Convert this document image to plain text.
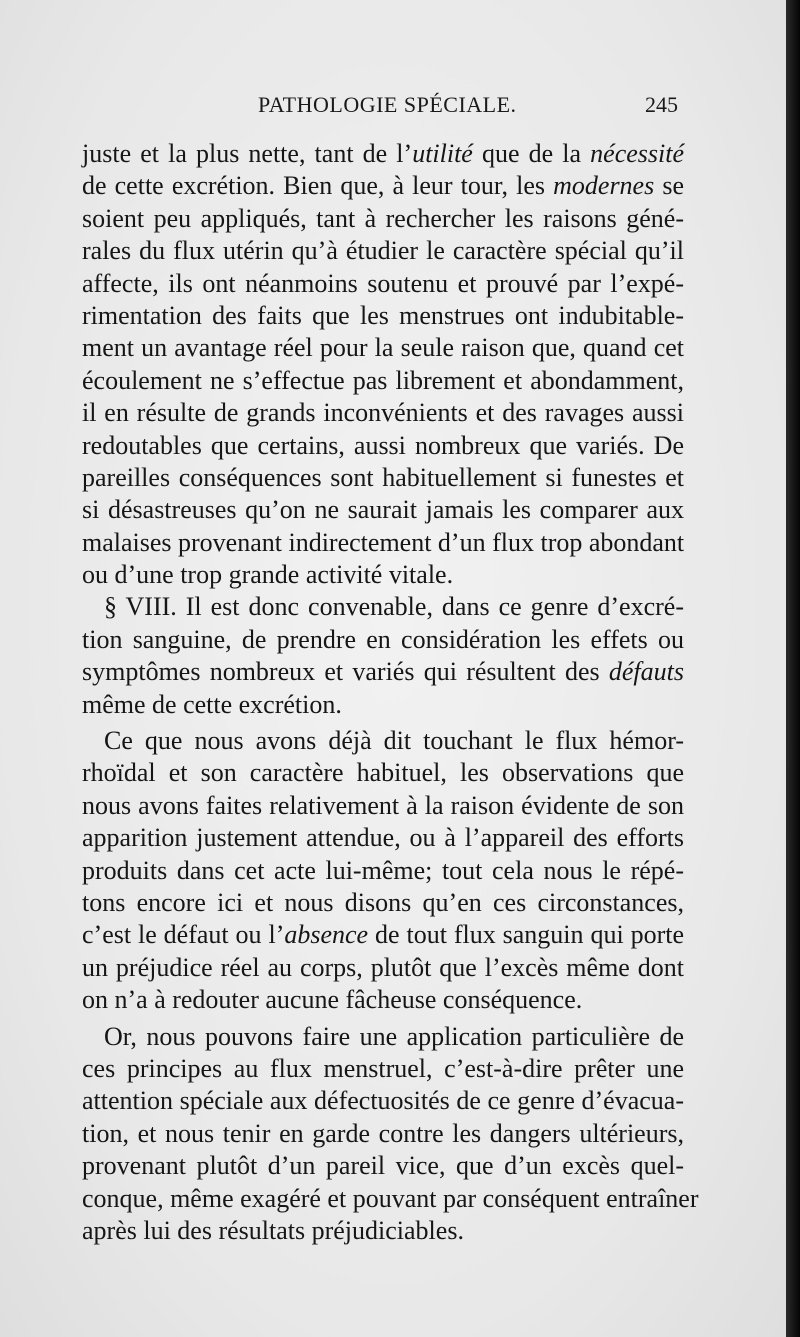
PATHOLOGIE SPÉCIALE.	245
juste et la plus nette, tant de l’utilité que de la nécessité
de cette excrétion. Bien que, à leur tour, les modernes se
soient peu appliqués, tant à rechercher les raisons géné-
rales du flux utérin qu’à étudier le caractère spécial qu’il
affecte, ils ont néanmoins soutenu et prouvé par l’expé-
rimentation des faits que les menstrues ont indubitable-
ment un avantage réel pour la seule raison que, quand cet
écoulement ne s’effectue pas librement et abondamment,
il en résulte de grands inconvénients et des ravages aussi
redoutables que certains, aussi nombreux que variés. De
pareilles conséquences sont habituellement si funestes et
si désastreuses qu’on ne saurait jamais les comparer aux
malaises provenant indirectement d’un flux trop abondant
ou d’une trop grande activité vitale.
§ VIII. Il est donc convenable, dans ce genre d’excré-
tion sanguine, de prendre en considération les effets ou
symptômes nombreux et variés qui résultent des défauts
même de cette excrétion.
Ce que nous avons déjà dit touchant le flux hémor-
rhoïdal et son caractère habituel, les observations que
nous avons faites relativement à la raison évidente de son
apparition justement attendue, ou à l’appareil des efforts
produits dans cet acte lui-même; tout cela nous le répé-
tons encore ici et nous disons qu’en ces circonstances,
c’est le défaut ou l’absence de tout flux sanguin qui porte
un préjudice réel au corps, plutôt que l’excès même dont
on n’a à redouter aucune fâcheuse conséquence.
Or, nous pouvons faire une application particulière de
ces principes au flux menstruel, c’est-à-dire prêter une
attention spéciale aux défectuosités de ce genre d’évacua-
tion, et nous tenir en garde contre les dangers ultérieurs,
provenant plutôt d’un pareil vice, que d’un excès quel-
conque, même exagéré et pouvant par conséquent entraîner
après lui des résultats préjudiciables.
